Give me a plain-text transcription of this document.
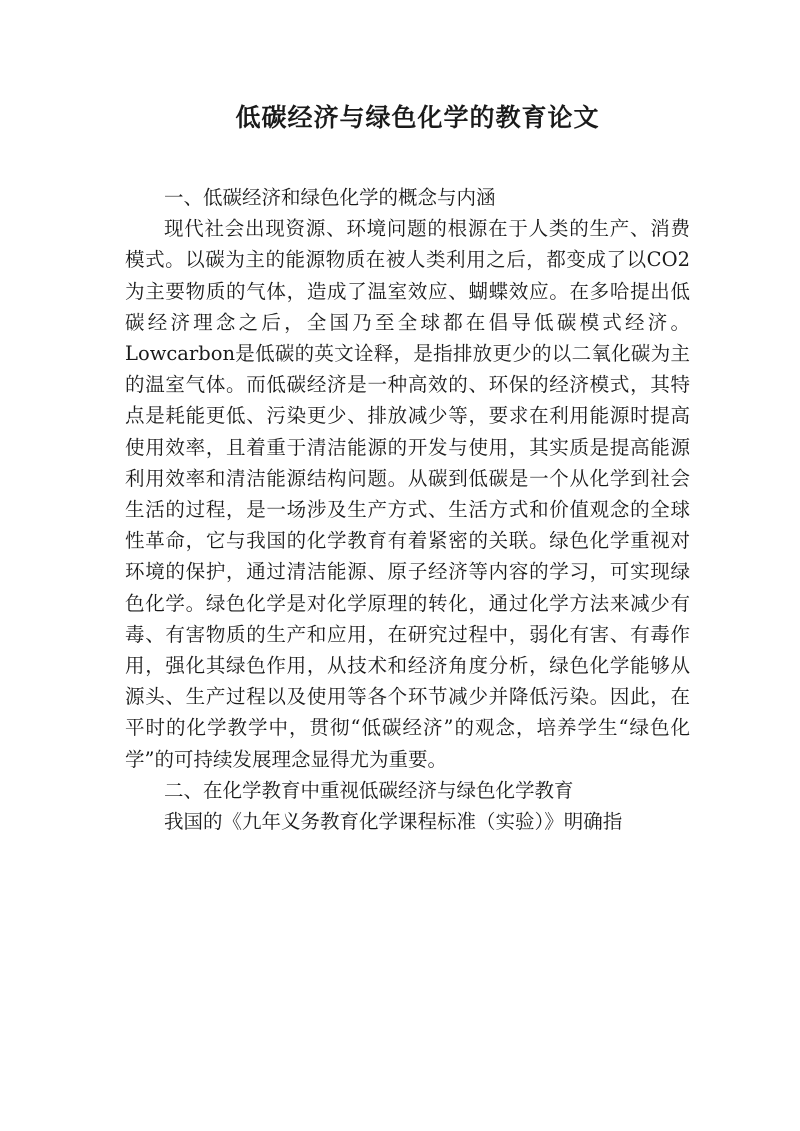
低碳经济与绿色化学的教育论文

一、低碳经济和绿色化学的概念与内涵

现代社会出现资源、环境问题的根源在于人类的生产、消费模式。以碳为主的能源物质在被人类利用之后，都变成了以CO2为主要物质的气体，造成了温室效应、蝴蝶效应。在多哈提出低碳经济理念之后，全国乃至全球都在倡导低碳模式经济。Lowcarbon是低碳的英文诠释，是指排放更少的以二氧化碳为主的温室气体。而低碳经济是一种高效的、环保的经济模式，其特点是耗能更低、污染更少、排放减少等，要求在利用能源时提高使用效率，且着重于清洁能源的开发与使用，其实质是提高能源利用效率和清洁能源结构问题。从碳到低碳是一个从化学到社会生活的过程，是一场涉及生产方式、生活方式和价值观念的全球性革命，它与我国的化学教育有着紧密的关联。绿色化学重视对环境的保护，通过清洁能源、原子经济等内容的学习，可实现绿色化学。绿色化学是对化学原理的转化，通过化学方法来减少有毒、有害物质的生产和应用，在研究过程中，弱化有害、有毒作用，强化其绿色作用，从技术和经济角度分析，绿色化学能够从源头、生产过程以及使用等各个环节减少并降低污染。因此，在平时的化学教学中，贯彻“低碳经济”的观念，培养学生“绿色化学”的可持续发展理念显得尤为重要。

二、在化学教育中重视低碳经济与绿色化学教育

我国的《九年义务教育化学课程标准（实验）》明确指
